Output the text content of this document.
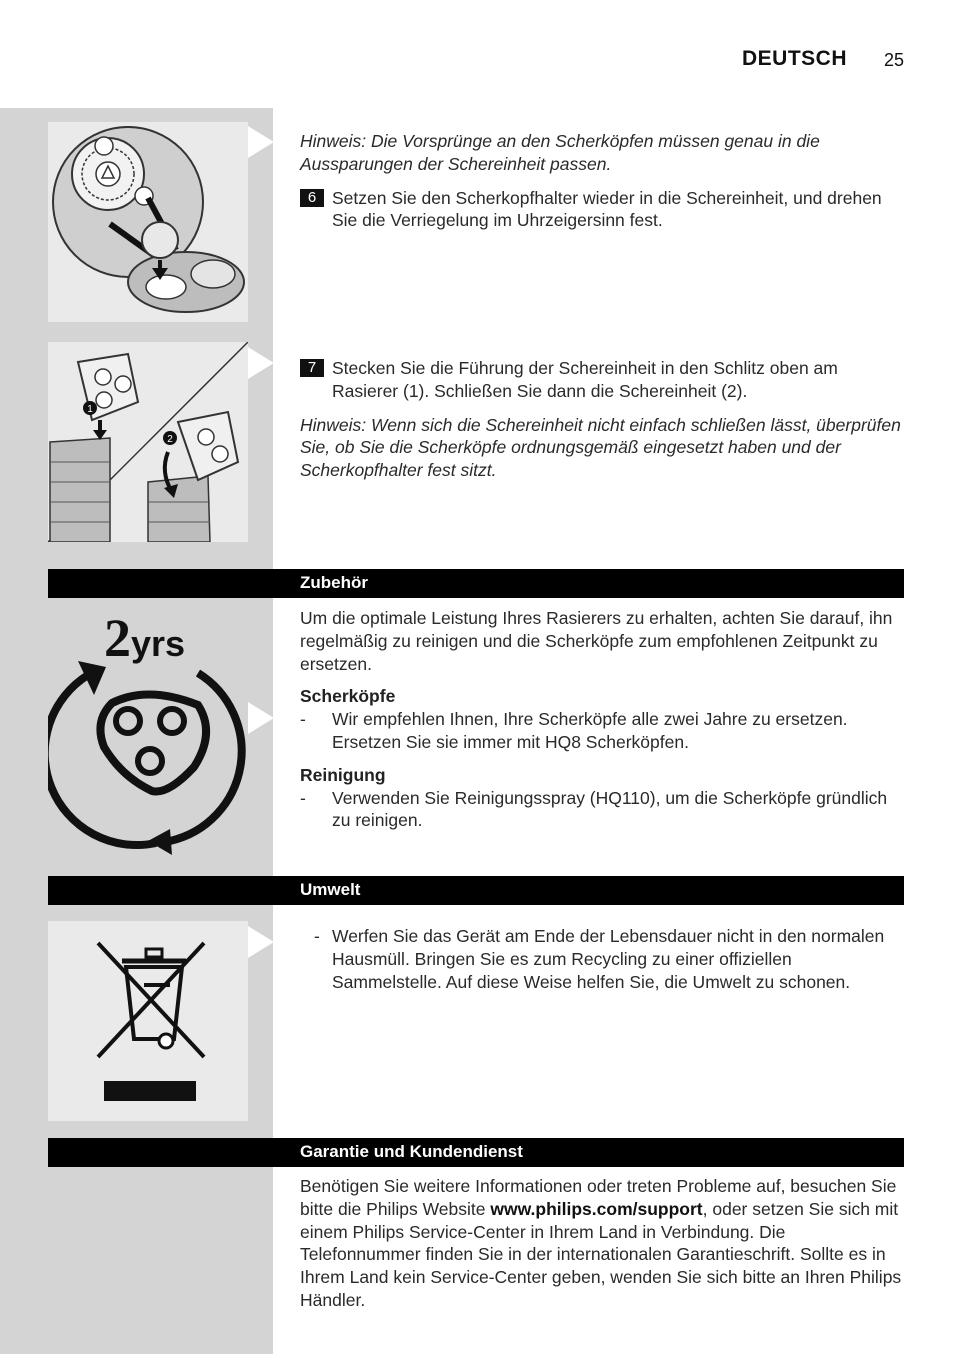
DEUTSCH 25

Hinweis: Die Vorsprünge an den Scherköpfen müssen genau in die Aussparungen der Schereinheit passen.

6 Setzen Sie den Scherkopfhalter wieder in die Schereinheit, und drehen Sie die Verriegelung im Uhrzeigersinn fest.

1
2

7 Stecken Sie die Führung der Schereinheit in den Schlitz oben am Rasierer (1). Schließen Sie dann die Schereinheit (2).

Hinweis: Wenn sich die Schereinheit nicht einfach schließen lässt, überprüfen Sie, ob Sie die Scherköpfe ordnungsgemäß eingesetzt haben und der Scherkopfhalter fest sitzt.

Zubehör
2yrs

Um die optimale Leistung Ihres Rasierers zu erhalten, achten Sie darauf, ihn regelmäßig zu reinigen und die Scherköpfe zum empfohlenen Zeitpunkt zu ersetzen.

Scherköpfe

- Wir empfehlen Ihnen, Ihre Scherköpfe alle zwei Jahre zu ersetzen. Ersetzen Sie sie immer mit HQ8 Scherköpfen.

Reinigung

- Verwenden Sie Reinigungsspray (HQ110), um die Scherköpfe gründlich zu reinigen.

Umwelt

- Werfen Sie das Gerät am Ende der Lebensdauer nicht in den normalen Hausmüll. Bringen Sie es zum Recycling zu einer offiziellen Sammelstelle. Auf diese Weise helfen Sie, die Umwelt zu schonen.

Garantie und Kundendienst

Benötigen Sie weitere Informationen oder treten Probleme auf, besuchen Sie bitte die Philips Website www.philips.com/support, oder setzen Sie sich mit einem Philips Service-Center in Ihrem Land in Verbindung. Die Telefonnummer finden Sie in der internationalen Garantieschrift. Sollte es in Ihrem Land kein Service-Center geben, wenden Sie sich bitte an Ihren Philips Händler.
